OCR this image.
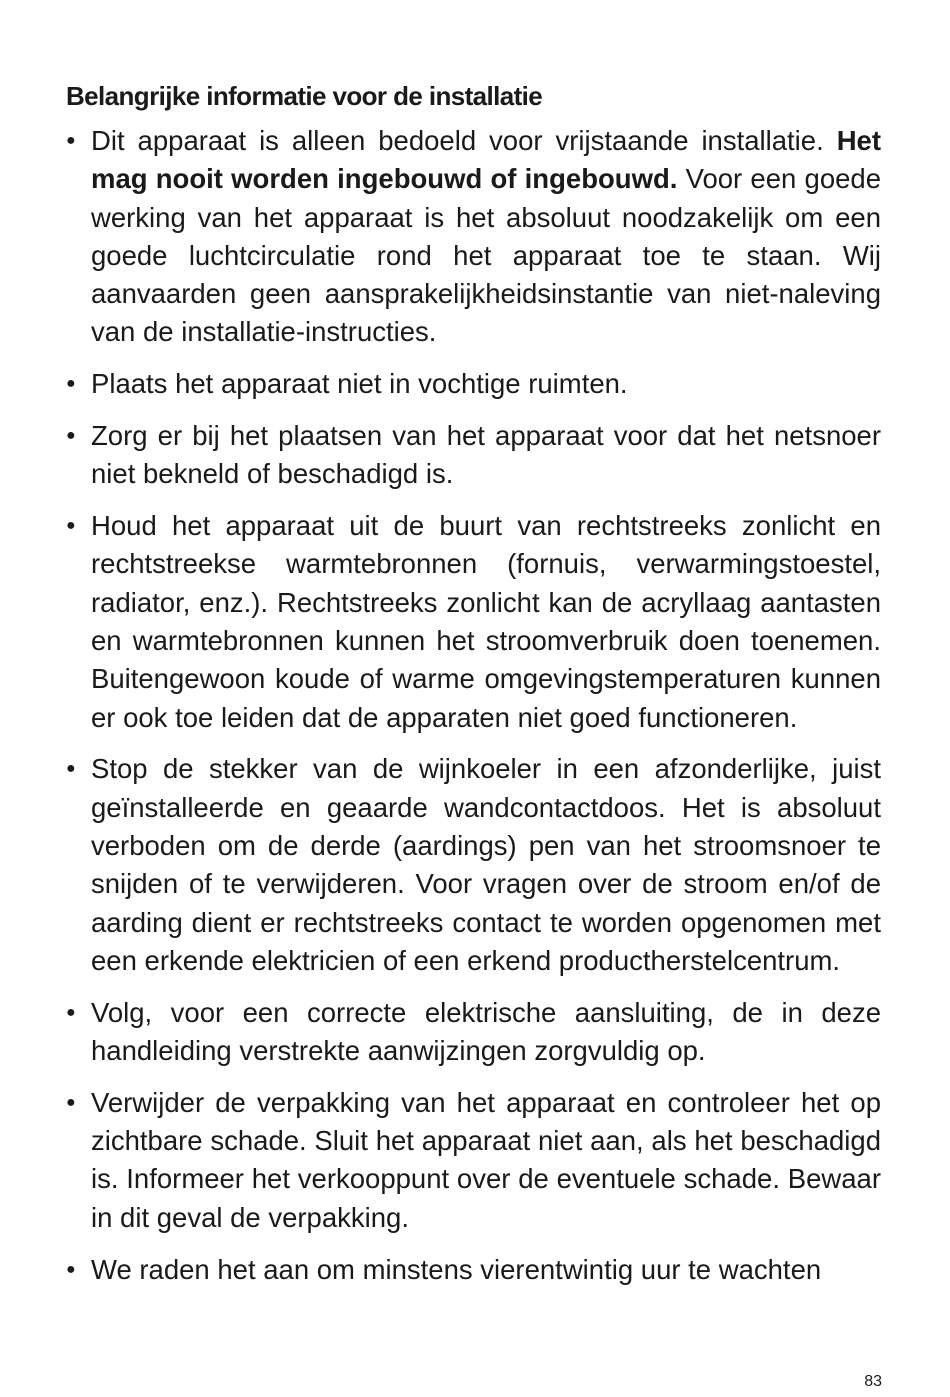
Belangrijke informatie voor de installatie
● Dit apparaat is alleen bedoeld voor vrijstaande installatie. Het mag nooit worden ingebouwd of ingebouwd. Voor een goede werking van het apparaat is het absoluut noodzakelijk om een goede luchtcirculatie rond het apparaat toe te staan. Wij aanvaarden geen aansprakelijkheidsinstantie van niet-naleving van de installatie-instructies.
● Plaats het apparaat niet in vochtige ruimten.
● Zorg er bij het plaatsen van het apparaat voor dat het netsnoer niet bekneld of beschadigd is.
● Houd het apparaat uit de buurt van rechtstreeks zonlicht en rechtstreekse warmtebronnen (fornuis, verwarmingstoestel, radiator, enz.). Rechtstreeks zonlicht kan de acryllaag aantasten en warmtebronnen kunnen het stroomverbruik doen toenemen. Buitengewoon koude of warme omgevingstemperaturen kunnen er ook toe leiden dat de apparaten niet goed functioneren.
● Stop de stekker van de wijnkoeler in een afzonderlijke, juist geïnstalleerde en geaarde wandcontactdoos. Het is absoluut verboden om de derde (aardings) pen van het stroomsnoer te snijden of te verwijderen. Voor vragen over de stroom en/of de aarding dient er rechtstreeks contact te worden opgenomen met een erkende elektricien of een erkend productherstelcentrum.
● Volg, voor een correcte elektrische aansluiting, de in deze handleiding verstrekte aanwijzingen zorgvuldig op.
● Verwijder de verpakking van het apparaat en controleer het op zichtbare schade. Sluit het apparaat niet aan, als het beschadigd is. Informeer het verkooppunt over de eventuele schade. Bewaar in dit geval de verpakking.
● We raden het aan om minstens vierentwintig uur te wachten
83
